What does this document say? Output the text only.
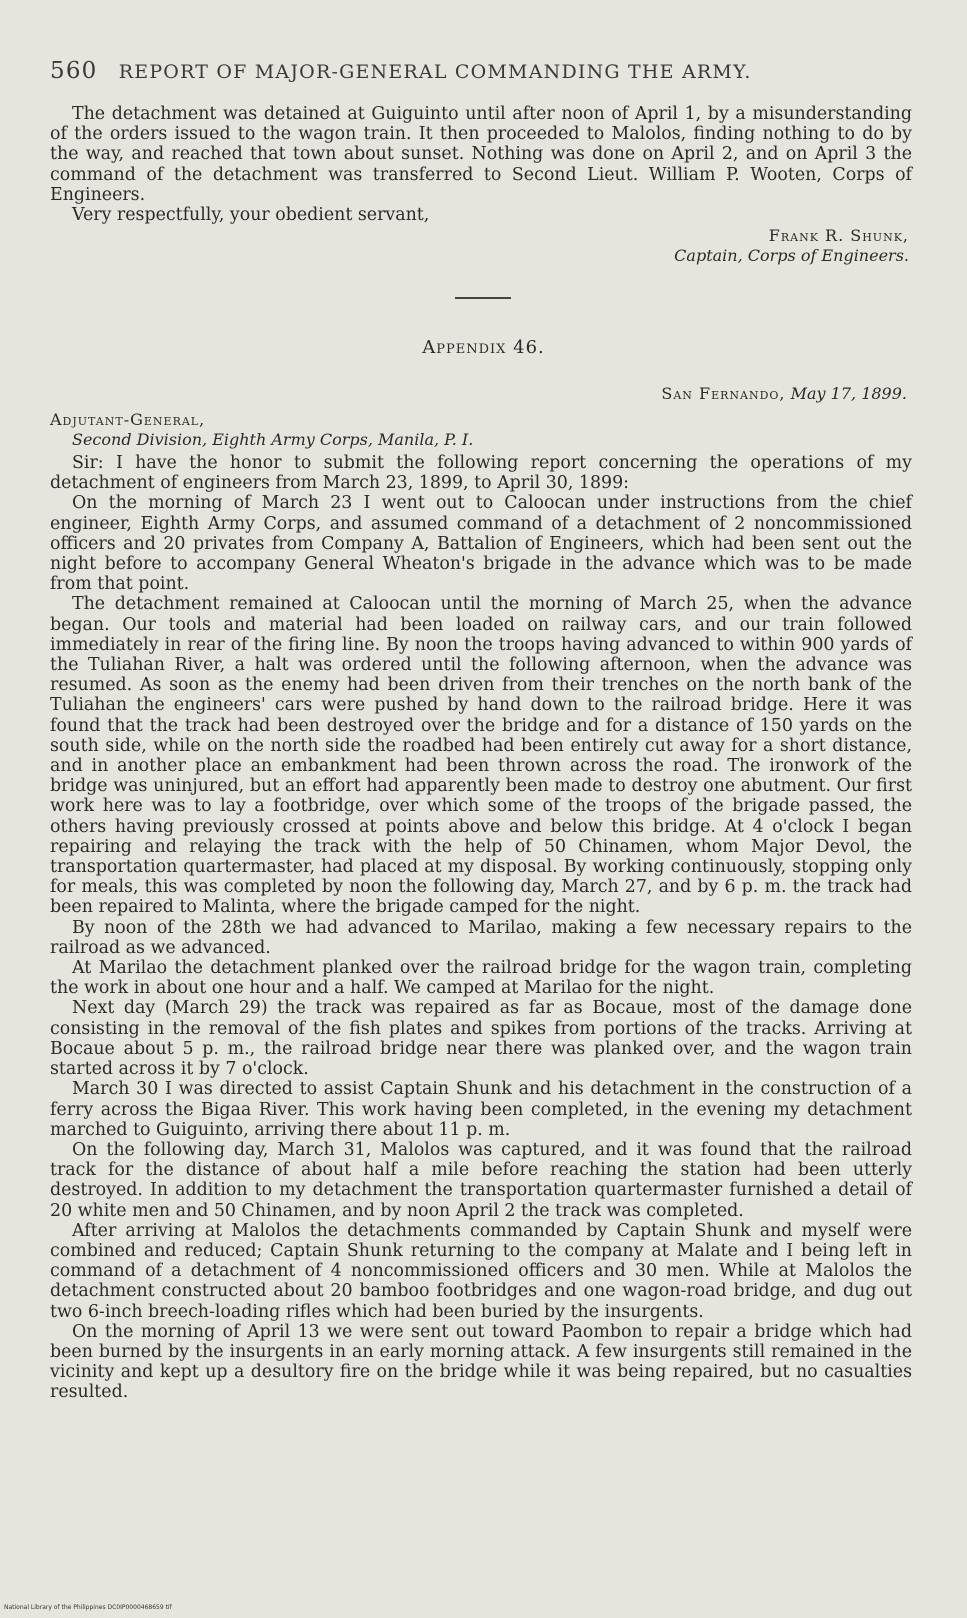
560 REPORT OF MAJOR-GENERAL COMMANDING THE ARMY.

The detachment was detained at Guiguinto until after noon of April 1, by a misunderstanding of the orders issued to the wagon train. It then proceeded to Malolos, finding nothing to do by the way, and reached that town about sunset. Nothing was done on April 2, and on April 3 the command of the detachment was transferred to Second Lieut. William P. Wooten, Corps of Engineers.

Very respectfully, your obedient servant,

Frank R. Shunk,
Captain, Corps of Engineers.
Appendix 46.
San Fernando, May 17, 1899.
Adjutant-General,
Second Division, Eighth Army Corps, Manila, P. I.

Sir: I have the honor to submit the following report concerning the operations of my detachment of engineers from March 23, 1899, to April 30, 1899:

On the morning of March 23 I went out to Caloocan under instructions from the chief engineer, Eighth Army Corps, and assumed command of a detachment of 2 noncommissioned officers and 20 privates from Company A, Battalion of Engineers, which had been sent out the night before to accompany General Wheaton's brigade in the advance which was to be made from that point.

The detachment remained at Caloocan until the morning of March 25, when the advance began. Our tools and material had been loaded on railway cars, and our train followed immediately in rear of the firing line. By noon the troops having advanced to within 900 yards of the Tuliahan River, a halt was ordered until the following afternoon, when the advance was resumed. As soon as the enemy had been driven from their trenches on the north bank of the Tuliahan the engineers' cars were pushed by hand down to the railroad bridge. Here it was found that the track had been destroyed over the bridge and for a distance of 150 yards on the south side, while on the north side the roadbed had been entirely cut away for a short distance, and in another place an embankment had been thrown across the road. The ironwork of the bridge was uninjured, but an effort had apparently been made to destroy one abutment. Our first work here was to lay a footbridge, over which some of the troops of the brigade passed, the others having previously crossed at points above and below this bridge. At 4 o'clock I began repairing and relaying the track with the help of 50 Chinamen, whom Major Devol, the transportation quartermaster, had placed at my disposal. By working continuously, stopping only for meals, this was completed by noon the following day, March 27, and by 6 p. m. the track had been repaired to Malinta, where the brigade camped for the night.

By noon of the 28th we had advanced to Marilao, making a few necessary repairs to the railroad as we advanced.

At Marilao the detachment planked over the railroad bridge for the wagon train, completing the work in about one hour and a half. We camped at Marilao for the night.

Next day (March 29) the track was repaired as far as Bocaue, most of the damage done consisting in the removal of the fish plates and spikes from portions of the tracks. Arriving at Bocaue about 5 p. m., the railroad bridge near there was planked over, and the wagon train started across it by 7 o'clock.

March 30 I was directed to assist Captain Shunk and his detachment in the construction of a ferry across the Bigaa River. This work having been completed, in the evening my detachment marched to Guiguinto, arriving there about 11 p. m.

On the following day, March 31, Malolos was captured, and it was found that the railroad track for the distance of about half a mile before reaching the station had been utterly destroyed. In addition to my detachment the transportation quartermaster furnished a detail of 20 white men and 50 Chinamen, and by noon April 2 the track was completed.

After arriving at Malolos the detachments commanded by Captain Shunk and myself were combined and reduced; Captain Shunk returning to the company at Malate and I being left in command of a detachment of 4 noncommissioned officers and 30 men. While at Malolos the detachment constructed about 20 bamboo footbridges and one wagon-road bridge, and dug out two 6-inch breech-loading rifles which had been buried by the insurgents.

On the morning of April 13 we were sent out toward Paombon to repair a bridge which had been burned by the insurgents in an early morning attack. A few insurgents still remained in the vicinity and kept up a desultory fire on the bridge while it was being repaired, but no casualties resulted.

National Library of the Philippines DC0IP0000468659 tif
